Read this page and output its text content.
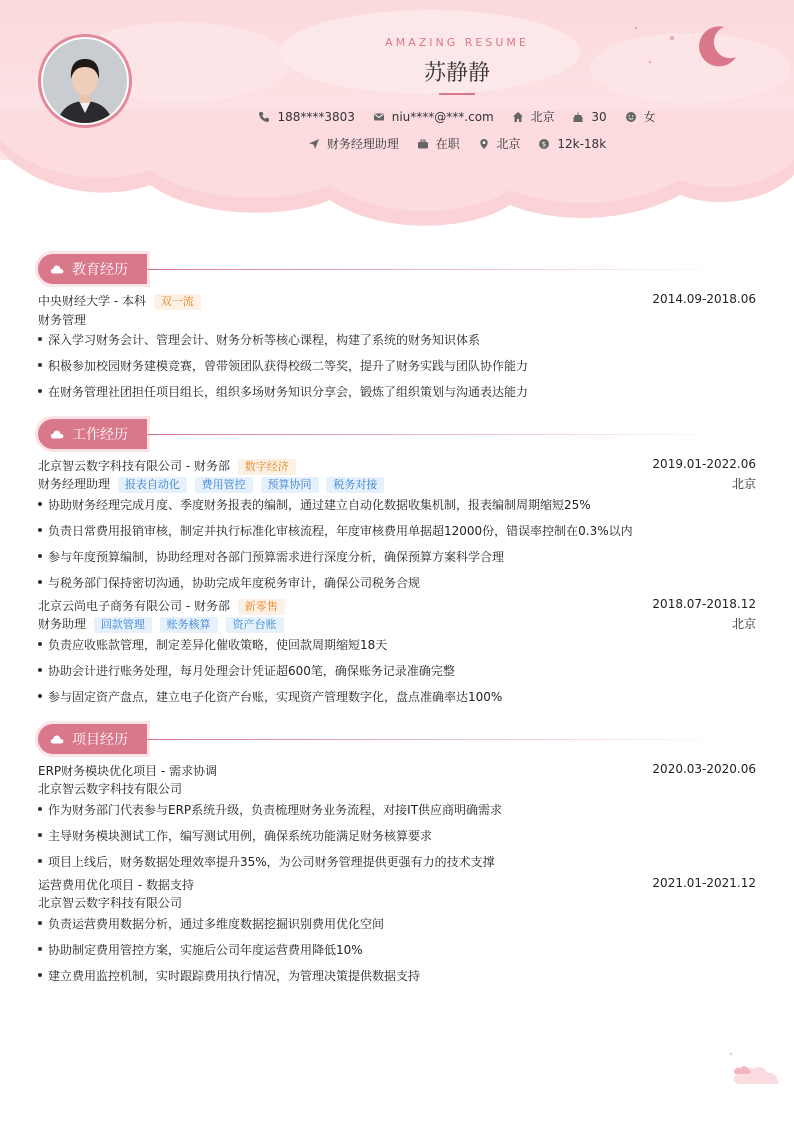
AMAZING RESUME
苏静静
188****3803
	niu****@***.com
	北京
	30
	女
财务经理助理
	在职
	北京
	$ 12k-18k
教育经历
中央财经大学 - 本科 双一流	2014.09-2018.06
财务管理
深入学习财务会计、管理会计、财务分析等核心课程，构建了系统的财务知识体系
积极参加校园财务建模竞赛，曾带领团队获得校级二等奖，提升了财务实践与团队协作能力
在财务管理社团担任项目组长，组织多场财务知识分享会，锻炼了组织策划与沟通表达能力
工作经历
北京智云数字科技有限公司 - 财务部 数字经济	2019.01-2022.06
财务经理助理 报表自动化 费用管控 预算协同 税务对接	北京
协助财务经理完成月度、季度财务报表的编制，通过建立自动化数据收集机制，报表编制周期缩短25%
负责日常费用报销审核，制定并执行标准化审核流程，年度审核费用单据超12000份，错误率控制在0.3%以内
参与年度预算编制，协助经理对各部门预算需求进行深度分析，确保预算方案科学合理
与税务部门保持密切沟通，协助完成年度税务审计，确保公司税务合规
北京云尚电子商务有限公司 - 财务部 新零售	2018.07-2018.12
财务助理 回款管理 账务核算 资产台账	北京
负责应收账款管理，制定差异化催收策略，使回款周期缩短18天
协助会计进行账务处理，每月处理会计凭证超600笔，确保账务记录准确完整
参与固定资产盘点，建立电子化资产台账，实现资产管理数字化，盘点准确率达100%
项目经历
ERP财务模块优化项目 - 需求协调	2020.03-2020.06
北京智云数字科技有限公司
作为财务部门代表参与ERP系统升级，负责梳理财务业务流程，对接IT供应商明确需求
主导财务模块测试工作，编写测试用例，确保系统功能满足财务核算要求
项目上线后，财务数据处理效率提升35%，为公司财务管理提供更强有力的技术支撑
运营费用优化项目 - 数据支持	2021.01-2021.12
北京智云数字科技有限公司
负责运营费用数据分析，通过多维度数据挖掘识别费用优化空间
协助制定费用管控方案，实施后公司年度运营费用降低10%
建立费用监控机制，实时跟踪费用执行情况，为管理决策提供数据支持
